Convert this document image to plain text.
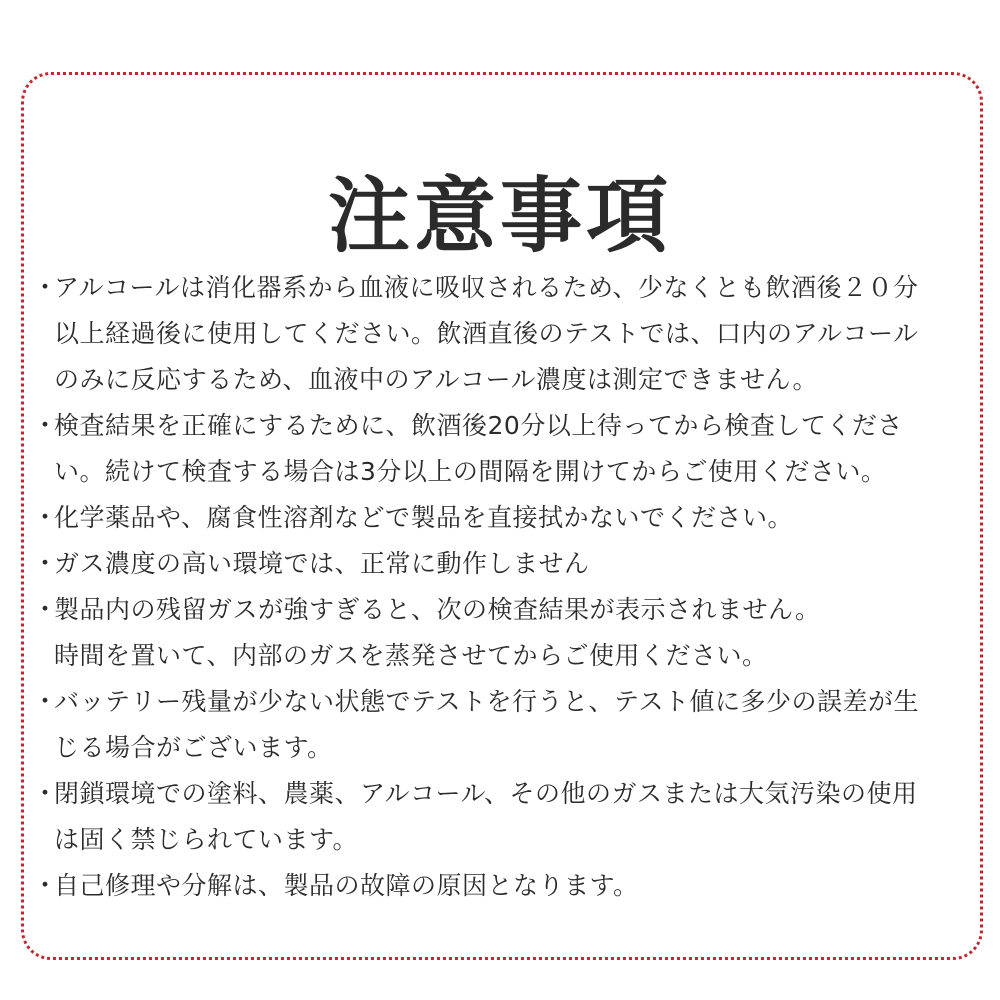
注意事項
・
アルコールは消化器系から血液に吸収されるため、少なくとも飲酒後２０分
以上経過後に使用してください。飲酒直後のテストでは、口内のアルコール
のみに反応するため、血液中のアルコール濃度は測定できません。
・
検査結果を正確にするために、飲酒後20分以上待ってから検査してくださ
い。続けて検査する場合は3分以上の間隔を開けてからご使用ください。
・
化学薬品や、腐食性溶剤などで製品を直接拭かないでください。
・
ガス濃度の高い環境では、正常に動作しません
・
製品内の残留ガスが強すぎると、次の検査結果が表示されません。
時間を置いて、内部のガスを蒸発させてからご使用ください。
・
バッテリー残量が少ない状態でテストを行うと、テスト値に多少の誤差が生
じる場合がございます。
・
閉鎖環境での塗料、農薬、アルコール、その他のガスまたは大気汚染の使用
は固く禁じられています。
・
自己修理や分解は、製品の故障の原因となります。
